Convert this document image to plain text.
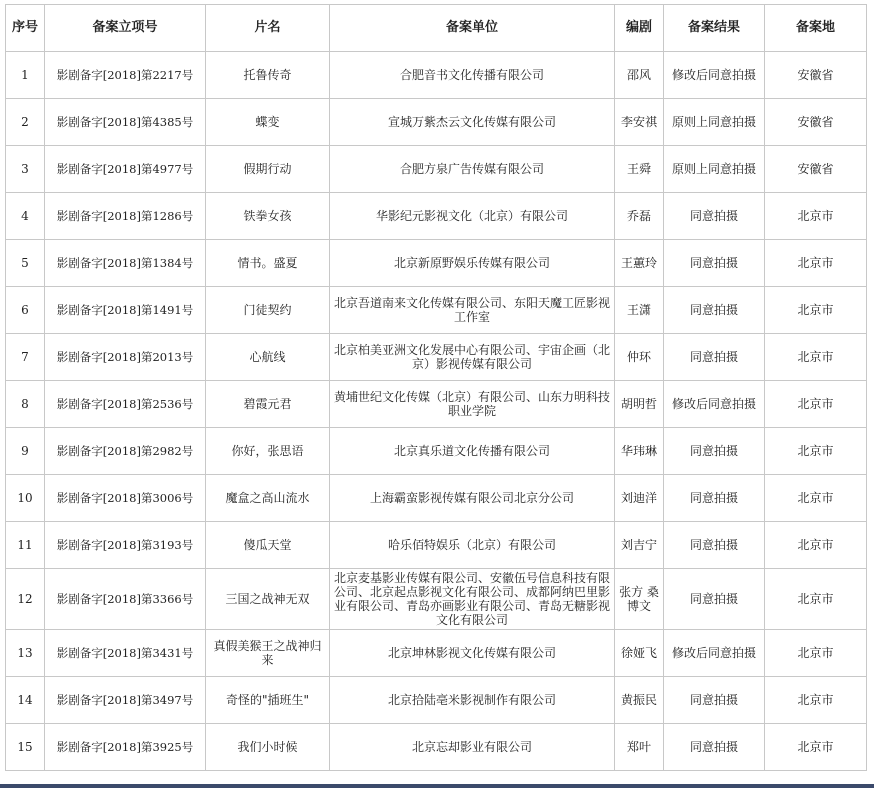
序号	备案立项号	片名	备案单位	编剧	备案结果	备案地
1	影剧备字[2018]第2217号	托鲁传奇	合肥音书文化传播有限公司	邵风	修改后同意拍摄	安徽省
2	影剧备字[2018]第4385号	蝶变	宣城万紫杰云文化传媒有限公司	李安祺	原则上同意拍摄	安徽省
3	影剧备字[2018]第4977号	假期行动	合肥方泉广告传媒有限公司	王舜	原则上同意拍摄	安徽省
4	影剧备字[2018]第1286号	铁拳女孩	华影纪元影视文化（北京）有限公司	乔磊	同意拍摄	北京市
5	影剧备字[2018]第1384号	情书。盛夏	北京新原野娱乐传媒有限公司	王蕙玲	同意拍摄	北京市
6	影剧备字[2018]第1491号	门徒契约	北京吾道南来文化传媒有限公司、东阳天魔工匠影视工作室	王潇	同意拍摄	北京市
7	影剧备字[2018]第2013号	心航线	北京柏美亚洲文化发展中心有限公司、宇宙企画（北京）影视传媒有限公司	仲环	同意拍摄	北京市
8	影剧备字[2018]第2536号	碧霞元君	黄埔世纪文化传媒（北京）有限公司、山东力明科技职业学院	胡明哲	修改后同意拍摄	北京市
9	影剧备字[2018]第2982号	你好，张思语	北京真乐道文化传播有限公司	华玮琳	同意拍摄	北京市
10	影剧备字[2018]第3006号	魔盒之高山流水	上海霸蛮影视传媒有限公司北京分公司	刘迪洋	同意拍摄	北京市
11	影剧备字[2018]第3193号	傻瓜天堂	哈乐佰特娱乐（北京）有限公司	刘吉宁	同意拍摄	北京市
12	影剧备字[2018]第3366号	三国之战神无双	北京麦基影业传媒有限公司、安徽伍号信息科技有限公司、北京起点影视文化有限公司、成都阿纳巴里影业有限公司、青岛亦画影业有限公司、青岛无糖影视文化有限公司	张方 桑博文	同意拍摄	北京市
13	影剧备字[2018]第3431号	真假美猴王之战神归来	北京坤林影视文化传媒有限公司	徐娅飞	修改后同意拍摄	北京市
14	影剧备字[2018]第3497号	奇怪的"插班生"	北京拾陆亳米影视制作有限公司	黄振民	同意拍摄	北京市
15	影剧备字[2018]第3925号	我们小时候	北京忘却影业有限公司	郑叶	同意拍摄	北京市
